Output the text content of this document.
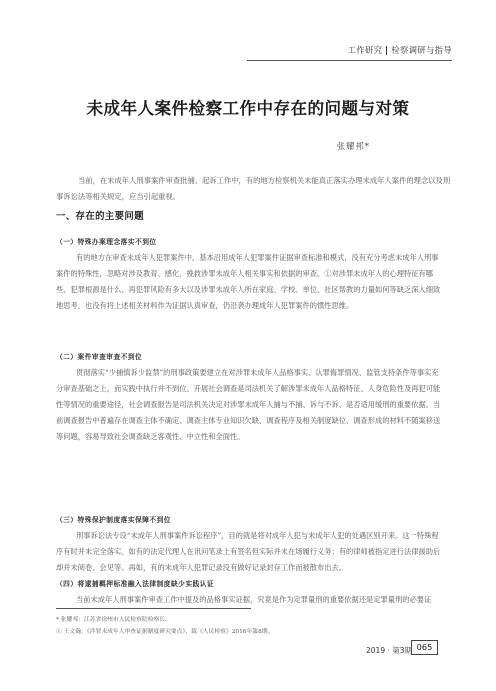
工作研究 检察调研与指导
未成年人案件检察工作中存在的问题与对策
张耀邦*

当前，在未成年人刑事案件审查批捕、起诉工作中，有的地方检察机关未能真正落实办理未成年人案件的理念以及刑事诉讼法等相关规定，应当引起重视。

一、存在的主要问题
（一）特殊办案理念落实不到位

有的地方在审查未成年人犯罪案件中，基本沿用成年人犯罪案件证据审查标准和模式，没有充分考虑未成年人刑事案件的特殊性，忽略对涉及教育、感化、挽救涉罪未成年人相关事实和依据的审查。①对涉罪未成年人的心理特征有哪些、犯罪根源是什么、再犯罪风险有多大以及涉罪未成年人所在家庭、学校、单位、社区帮教的力量如何等缺乏深入细致地思考，也没有将上述相关材料作为证据认真审查，仍沿袭办理成年人犯罪案件的惯性思维。

（二）案件审查审查不到位

贯彻落实“少捕慎诉少监禁”的刑事政策要建立在对涉罪未成年人品格事实、认罪悔罪情况、监管支持条件等事实充分审查基础之上，而实践中执行并不到位。开展社会调查是司法机关了解涉罪未成年人品格特征、人身危险性及再犯可能性等情况的重要途径，社会调查报告是司法机关决定对涉罪未成年人捕与不捕、诉与不诉、是否适用缓刑的重要依据。当前调查报告中普遍存在调查主体不确定、调查主体专业知识欠缺、调查程序及相关制度缺位、调查形成的材料不随案移送等问题，容易导致社会调查缺乏客观性、中立性和全面性。

（三）特殊保护制度落实保障不到位

刑事诉讼法专设“未成年人刑事案件诉讼程序”，目的就是将对成年人犯与未成年人犯的处遇区别开来。这一特殊程序有时并未完全落实。如有的法定代理人在讯问笔录上有签名但实际并未在场履行义务；有的律师被指定进行法律援助后却并未阅卷、会见等。再如，有的未成年人犯罪记录没有做好记录封存工作而被散布出去。

* 张耀邦：江苏省徐州市人民检察院检察长。
① 王文瀚：《涉罪未成年人审查证据制度研究要点》，载《人民检察》2016年第8期。
2019 · 第3期 065
（四）将逮捕羁押标准融入法律制度缺少实践认证

当前未成年人刑事案件审查工作中提及的品格事实证据，究竟是作为定罪量刑的重要依据还是定罪量刑的必要证
